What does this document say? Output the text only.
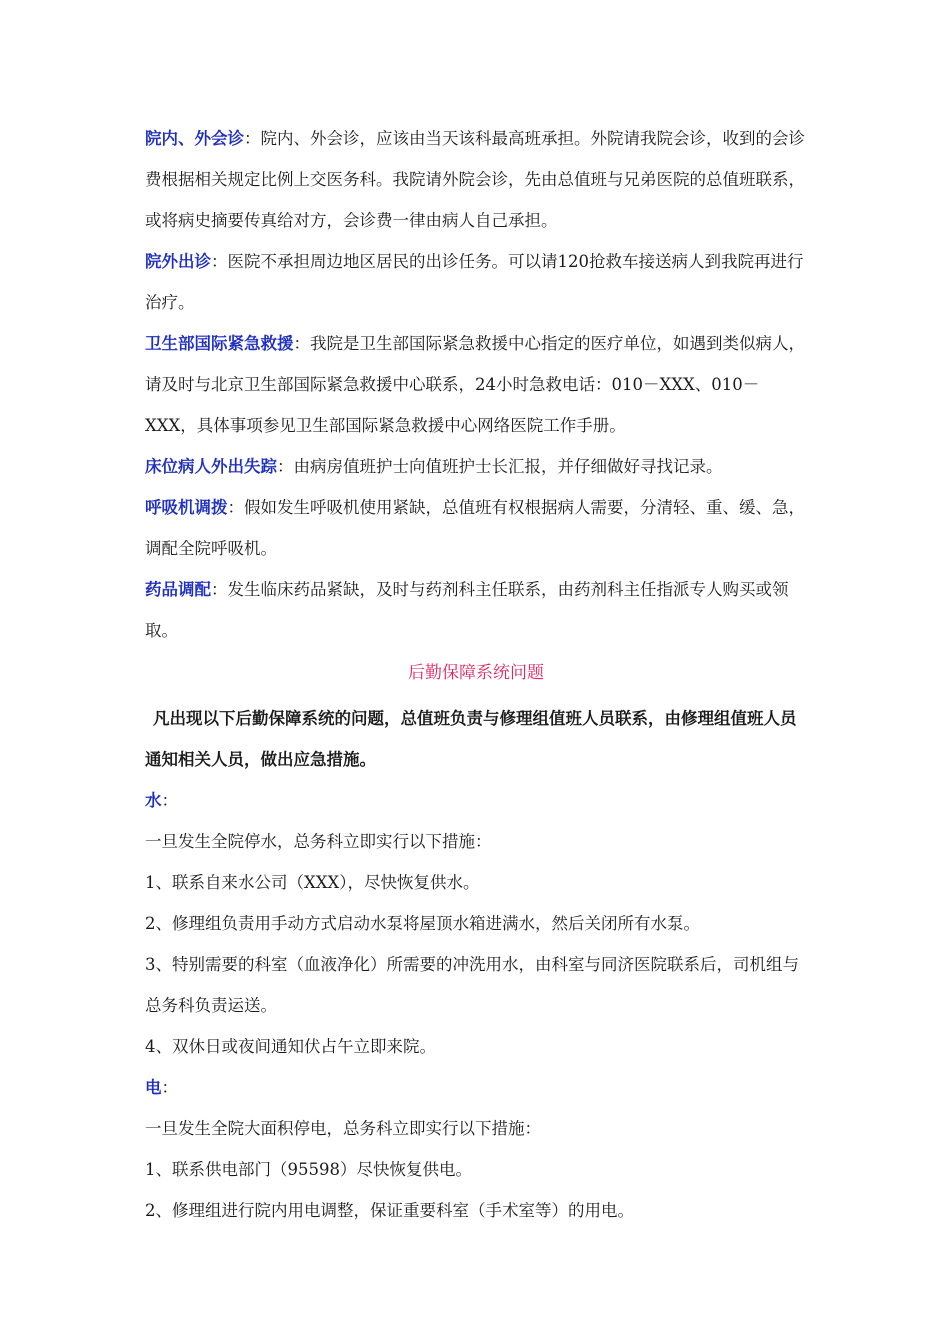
院内、外会诊：院内、外会诊，应该由当天该科最高班承担。外院请我院会诊，收到的会诊费根据相关规定比例上交医务科。我院请外院会诊，先由总值班与兄弟医院的总值班联系，或将病史摘要传真给对方，会诊费一律由病人自己承担。

院外出诊：医院不承担周边地区居民的出诊任务。可以请120抢救车接送病人到我院再进行治疗。

卫生部国际紧急救援：我院是卫生部国际紧急救援中心指定的医疗单位，如遇到类似病人，请及时与北京卫生部国际紧急救援中心联系，24小时急救电话：010－XXX、010－XXX，具体事项参见卫生部国际紧急救援中心网络医院工作手册。

床位病人外出失踪：由病房值班护士向值班护士长汇报，并仔细做好寻找记录。

呼吸机调拨：假如发生呼吸机使用紧缺，总值班有权根据病人需要，分清轻、重、缓、急，调配全院呼吸机。

药品调配：发生临床药品紧缺，及时与药剂科主任联系，由药剂科主任指派专人购买或领取。

后勤保障系统问题

凡出现以下后勤保障系统的问题，总值班负责与修理组值班人员联系，由修理组值班人员通知相关人员，做出应急措施。

水：

一旦发生全院停水，总务科立即实行以下措施：

1、联系自来水公司（XXX），尽快恢复供水。

2、修理组负责用手动方式启动水泵将屋顶水箱进满水，然后关闭所有水泵。

3、特别需要的科室（血液净化）所需要的冲洗用水，由科室与同济医院联系后，司机组与总务科负责运送。

4、双休日或夜间通知伏占午立即来院。

电：

一旦发生全院大面积停电，总务科立即实行以下措施：

1、联系供电部门（95598）尽快恢复供电。

2、修理组进行院内用电调整，保证重要科室（手术室等）的用电。
